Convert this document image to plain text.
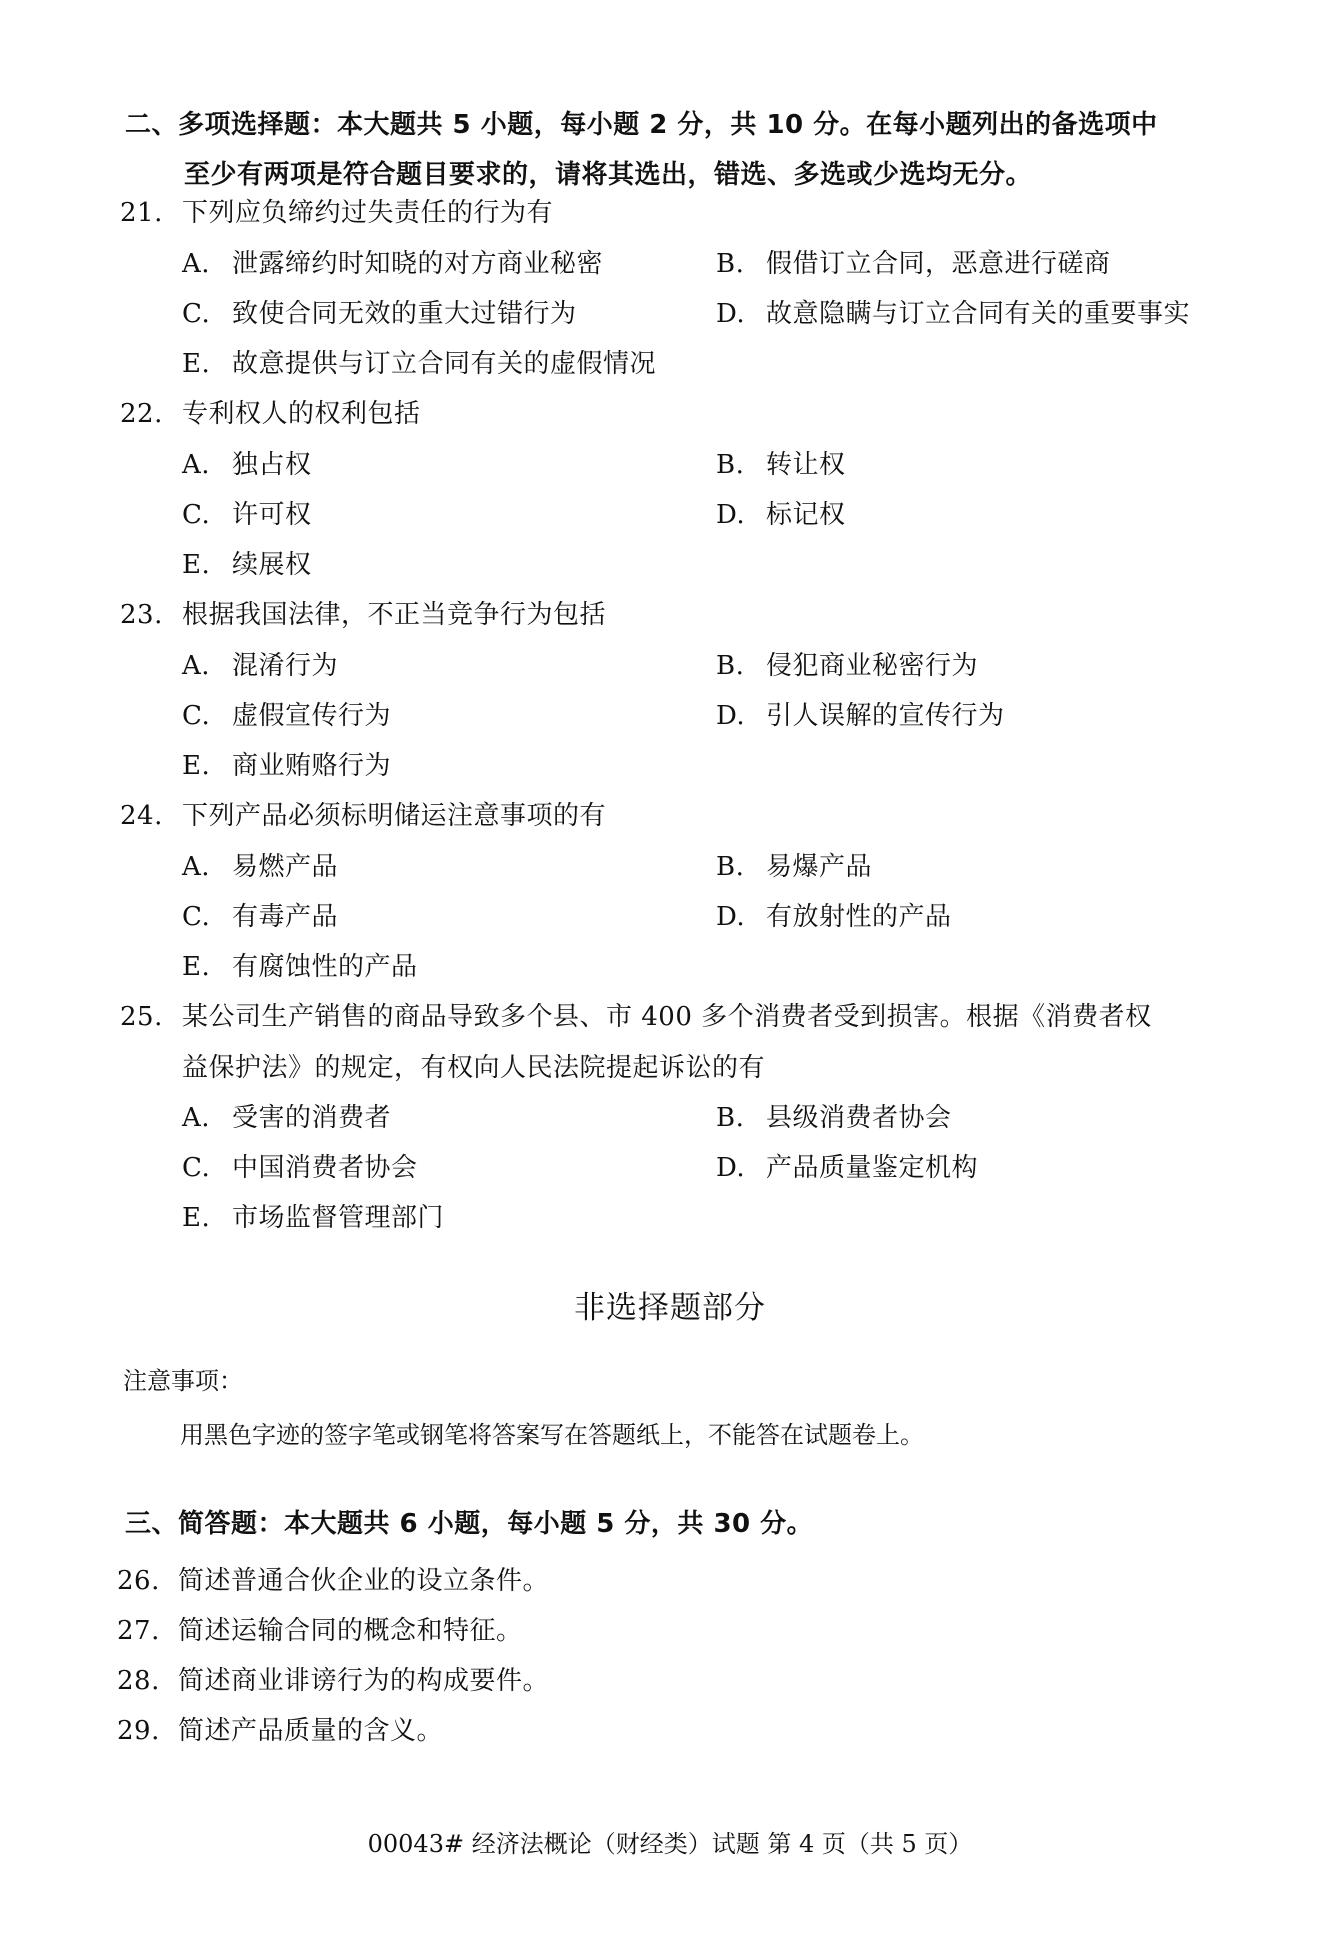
二、多项选择题：本大题共 5 小题，每小题 2 分，共 10 分。在每小题列出的备选项中
至少有两项是符合题目要求的，请将其选出，错选、多选或少选均无分。
21. 下列应负缔约过失责任的行为有
A. 泄露缔约时知晓的对方商业秘密	B. 假借订立合同，恶意进行磋商
C. 致使合同无效的重大过错行为	D. 故意隐瞒与订立合同有关的重要事实
E. 故意提供与订立合同有关的虚假情况
22. 专利权人的权利包括
A. 独占权	B. 转让权
C. 许可权	D. 标记权
E. 续展权
23. 根据我国法律，不正当竞争行为包括
A. 混淆行为	B. 侵犯商业秘密行为
C. 虚假宣传行为	D. 引人误解的宣传行为
E. 商业贿赂行为
24. 下列产品必须标明储运注意事项的有
A. 易燃产品	B. 易爆产品
C. 有毒产品	D. 有放射性的产品
E. 有腐蚀性的产品
25. 某公司生产销售的商品导致多个县、市 400 多个消费者受到损害。根据《消费者权
益保护法》的规定，有权向人民法院提起诉讼的有
A. 受害的消费者	B. 县级消费者协会
C. 中国消费者协会	D. 产品质量鉴定机构
E. 市场监督管理部门
非选择题部分
注意事项：
用黑色字迹的签字笔或钢笔将答案写在答题纸上，不能答在试题卷上。
三、简答题：本大题共 6 小题，每小题 5 分，共 30 分。
26. 简述普通合伙企业的设立条件。
27. 简述运输合同的概念和特征。
28. 简述商业诽谤行为的构成要件。
29. 简述产品质量的含义。
00043# 经济法概论（财经类）试题 第 4 页（共 5 页）
